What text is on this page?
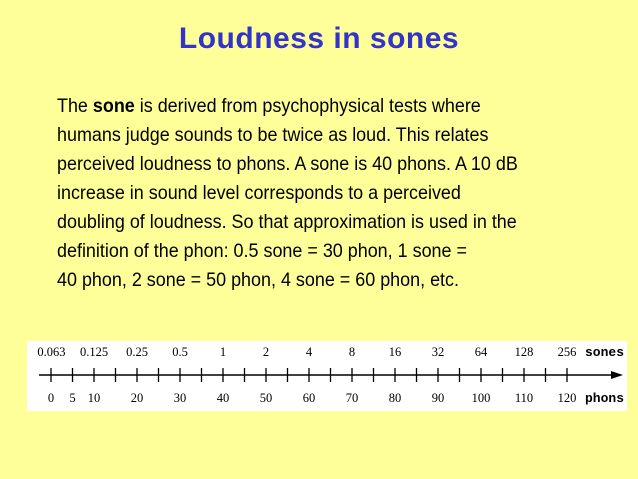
Loudness in sones
The sone is derived from psychophysical tests where
humans judge sounds to be twice as loud. This relates
perceived loudness to phons. A sone is 40 phons. A 10 dB
increase in sound level corresponds to a perceived
doubling of loudness. So that approximation is used in the
definition of the phon: 0.5 sone = 30 phon, 1 sone =
40 phon, 2 sone = 50 phon, 4 sone = 60 phon, etc.
0 5 10 20 30 40 50 60 70 80 90 100 110 120
0.063 0.125 0.25 0.5	1	2	4	8	16 32 64 128 256 sones
phons
